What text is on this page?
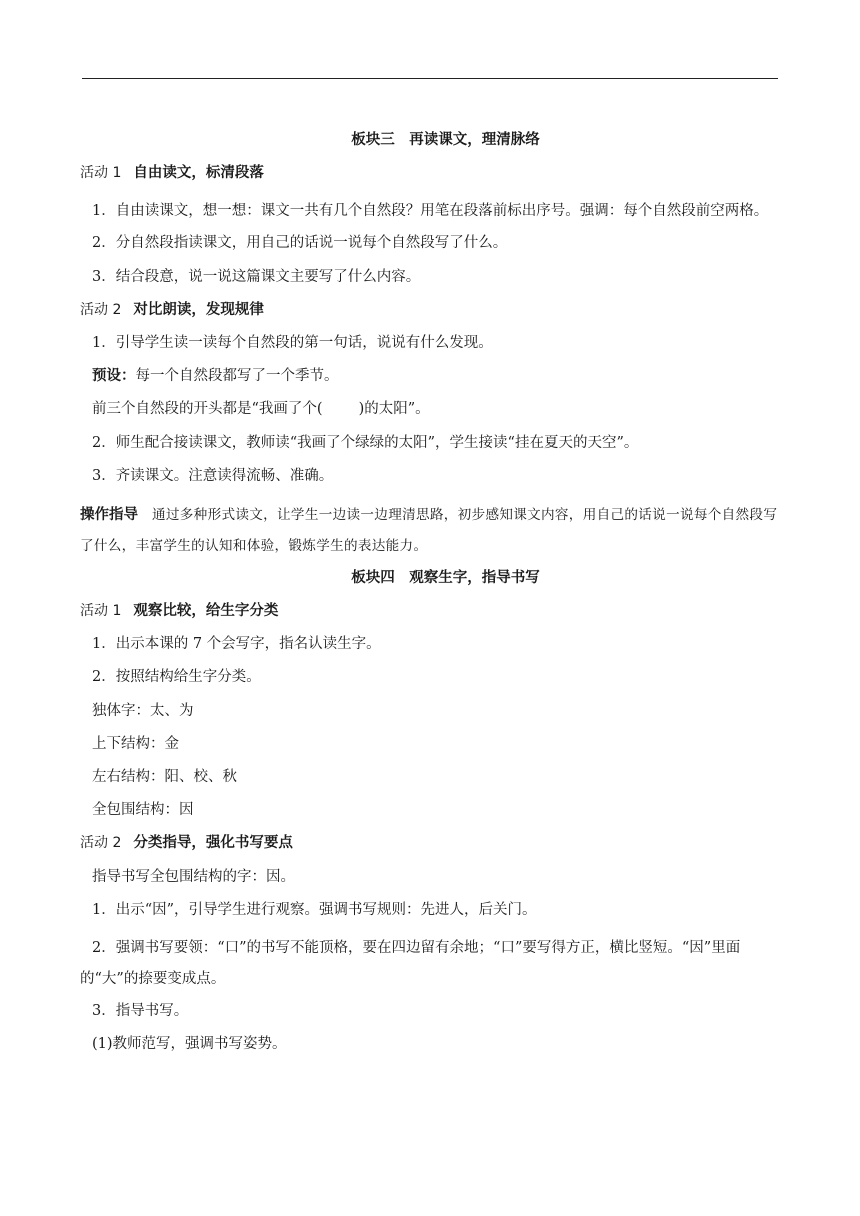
板块三　再读课文，理清脉络
活动 1 自由读文，标清段落
1．自由读课文，想一想：课文一共有几个自然段？用笔在段落前标出序号。强调：每个自然段前空两格。
2．分自然段指读课文，用自己的话说一说每个自然段写了什么。
3．结合段意，说一说这篇课文主要写了什么内容。
活动 2 对比朗读，发现规律
1．引导学生读一读每个自然段的第一句话，说说有什么发现。
预设：每一个自然段都写了一个季节。
前三个自然段的开头都是“我画了个( )的太阳”。
2．师生配合接读课文，教师读“我画了个绿绿的太阳”，学生接读“挂在夏天的天空”。
3．齐读课文。注意读得流畅、准确。
操作指导 通过多种形式读文，让学生一边读一边理清思路，初步感知课文内容，用自己的话说一说每个自然段写了什么，丰富学生的认知和体验，锻炼学生的表达能力。
板块四　观察生字，指导书写
活动 1 观察比较，给生字分类
1．出示本课的 7 个会写字，指名认读生字。
2．按照结构给生字分类。
独体字：太、为
上下结构：金
左右结构：阳、校、秋
全包围结构：因
活动 2 分类指导，强化书写要点
指导书写全包围结构的字：因。
1．出示“因”，引导学生进行观察。强调书写规则：先进人，后关门。
2．强调书写要领：“口”的书写不能顶格，要在四边留有余地；“口”要写得方正，横比竖短。“因”里面的“大”的捺要变成点。
3．指导书写。
(1)教师范写，强调书写姿势。
